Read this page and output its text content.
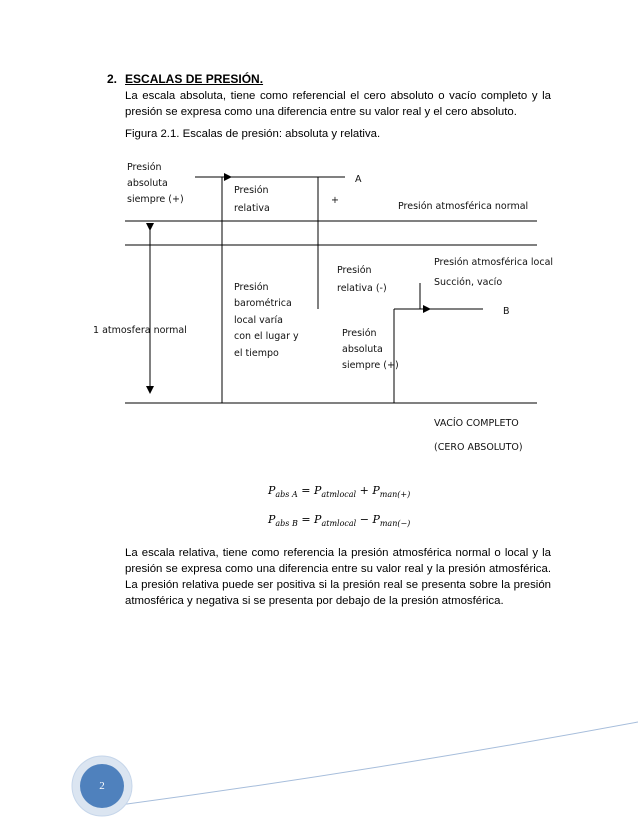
2. ESCALAS DE PRESIÓN.
La escala absoluta, tiene como referencial el cero absoluto o vacío completo y la presión se expresa como una diferencia entre su valor real y el cero absoluto.
Figura 2.1. Escalas de presión: absoluta y relativa.
Presión
absoluta
siempre (+)
Presión
relativa
+
A
Presión atmosférica normal
Presión
relativa (-)
Presión atmosférica local
Succión, vacío
B
Presión
barométrica
local varía
con el lugar y
el tiempo
1 atmosfera normal	Presión
absoluta
siempre (+)
VACÍO COMPLETO
(CERO ABSOLUTO)
$P_{abs A} = P_{atmlocal} + P_{man(+)}$
$P_{abs B} = P_{atmlocal} - P_{man(-)}$
La escala relativa, tiene como referencia la presión atmosférica normal o local y la presión se expresa como una diferencia entre su valor real y la presión atmosférica. La presión relativa puede ser positiva si la presión real se presenta sobre la presión atmosférica y negativa si se presenta por debajo de la presión atmosférica.
2
